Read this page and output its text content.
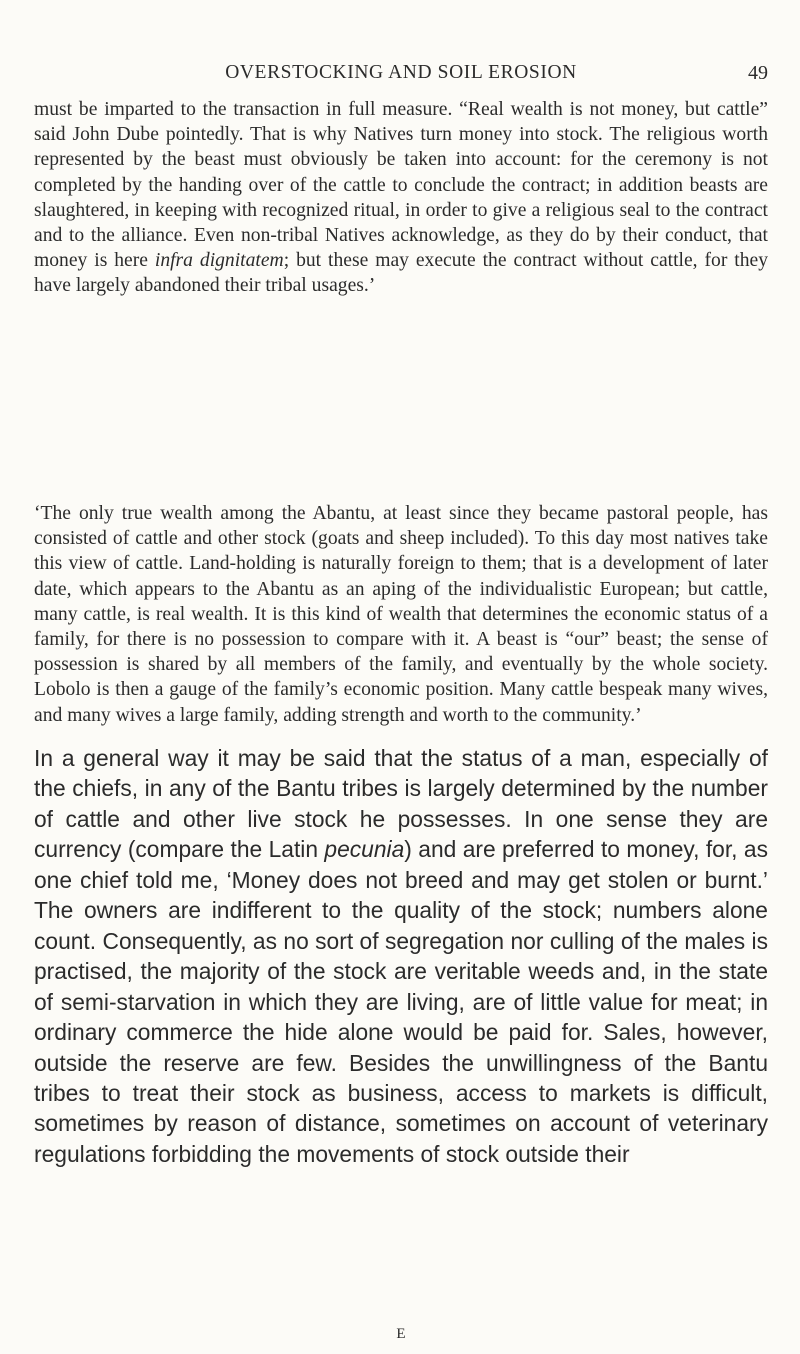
OVERSTOCKING AND SOIL EROSION	49

must be imparted to the transaction in full measure. “Real wealth is not money, but cattle” said John Dube pointedly. That is why Natives turn money into stock. The religious worth represented by the beast must obviously be taken into account: for the ceremony is not completed by the handing over of the cattle to conclude the contract; in addition beasts are slaughtered, in keeping with recognized ritual, in order to give a religious seal to the contract and to the alliance. Even non-tribal Natives acknowledge, as they do by their conduct, that money is here infra dignitatem; but these may execute the contract without cattle, for they have largely abandoned their tribal usages.’

‘The only true wealth among the Abantu, at least since they became pastoral people, has consisted of cattle and other stock (goats and sheep included). To this day most natives take this view of cattle. Land-holding is naturally foreign to them; that is a development of later date, which appears to the Abantu as an aping of the individualistic European; but cattle, many cattle, is real wealth. It is this kind of wealth that determines the economic status of a family, for there is no possession to compare with it. A beast is “our” beast; the sense of possession is shared by all members of the family, and eventually by the whole society. Lobolo is then a gauge of the family’s economic position. Many cattle bespeak many wives, and many wives a large family, adding strength and worth to the community.’

In a general way it may be said that the status of a man, especially of the chiefs, in any of the Bantu tribes is largely determined by the number of cattle and other live stock he possesses. In one sense they are currency (compare the Latin pecunia) and are preferred to money, for, as one chief told me, ‘Money does not breed and may get stolen or burnt.’ The owners are indifferent to the quality of the stock; numbers alone count. Consequently, as no sort of segregation nor culling of the males is practised, the majority of the stock are veritable weeds and, in the state of semi-starvation in which they are living, are of little value for meat; in ordinary commerce the hide alone would be paid for. Sales, however, outside the reserve are few. Besides the unwillingness of the Bantu tribes to treat their stock as business, access to markets is difficult, sometimes by reason of distance, sometimes on account of veterinary regulations forbidding the movements of stock outside their

E
